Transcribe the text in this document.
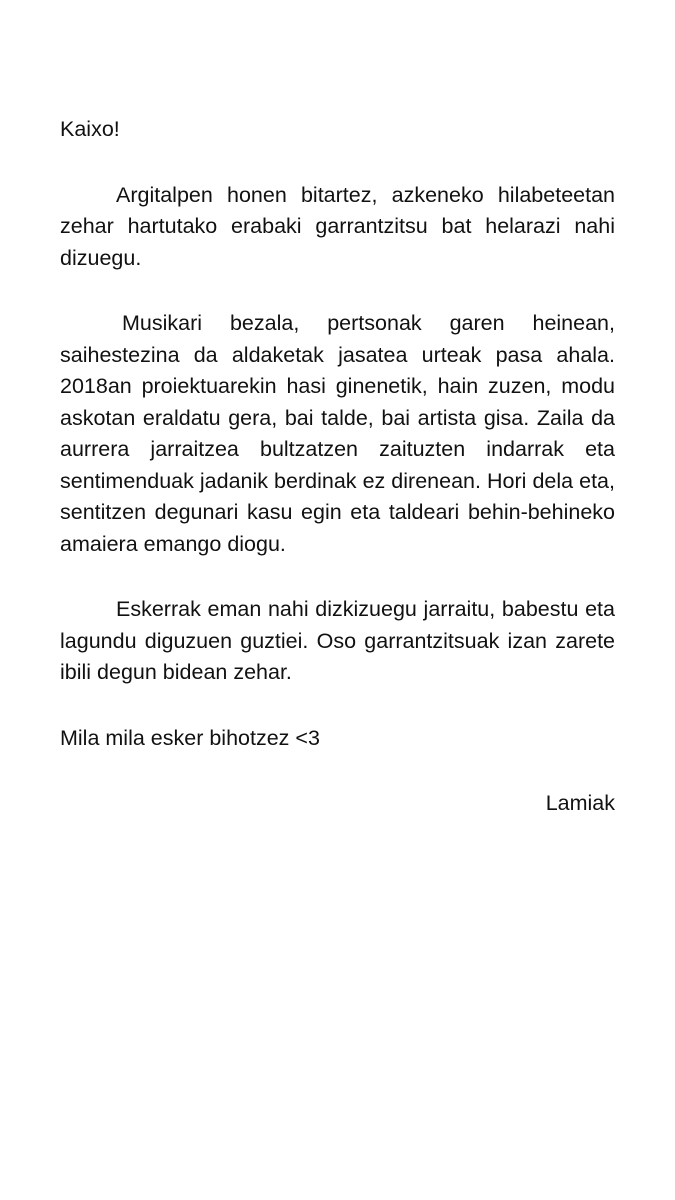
Kaixo!

Argitalpen honen bitartez, azkeneko hilabeteetan zehar hartutako erabaki garrantzitsu bat helarazi nahi dizuegu.

Musikari bezala, pertsonak garen heinean, saihestezina da aldaketak jasatea urteak pasa ahala. 2018an proiektuarekin hasi ginenetik, hain zuzen, modu askotan eraldatu gera, bai talde, bai artista gisa. Zaila da aurrera jarraitzea bultzatzen zaituzten indarrak eta sentimenduak jadanik berdinak ez direnean. Hori dela eta, sentitzen degunari kasu egin eta taldeari behin-behineko amaiera emango diogu.

Eskerrak eman nahi dizkizuegu jarraitu, babestu eta lagundu diguzuen guztiei. Oso garrantzitsuak izan zarete ibili degun bidean zehar.

Mila mila esker bihotzez <3

Lamiak
